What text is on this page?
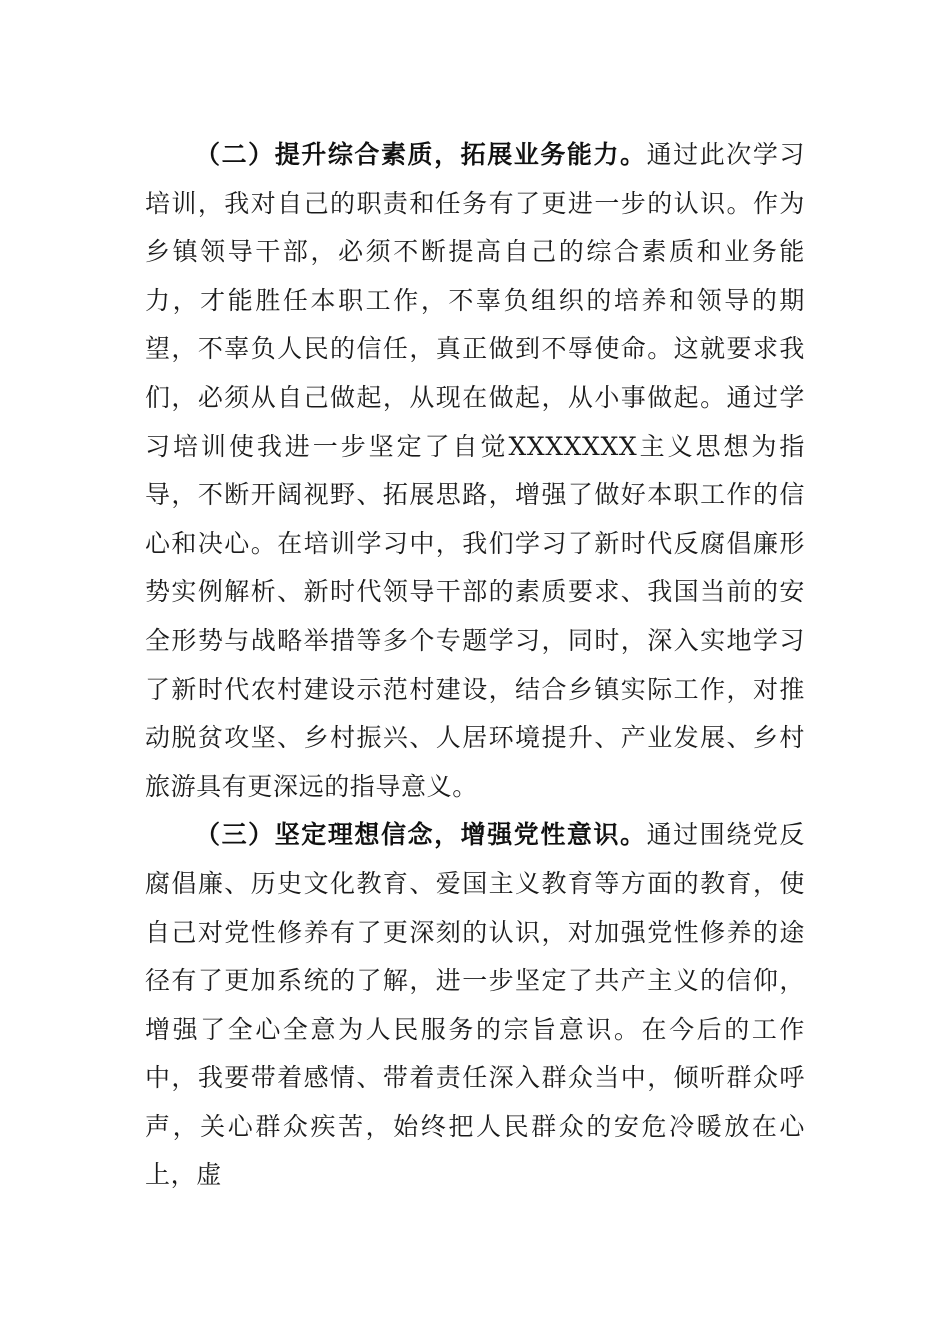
（二）提升综合素质，拓展业务能力。通过此次学习培训，我对自己的职责和任务有了更进一步的认识。作为乡镇领导干部，必须不断提高自己的综合素质和业务能力，才能胜任本职工作，不辜负组织的培养和领导的期望，不辜负人民的信任，真正做到不辱使命。这就要求我们，必须从自己做起，从现在做起，从小事做起。通过学习培训使我进一步坚定了自觉XXXXXXX主义思想为指导，不断开阔视野、拓展思路，增强了做好本职工作的信心和决心。在培训学习中，我们学习了新时代反腐倡廉形势实例解析、新时代领导干部的素质要求、我国当前的安全形势与战略举措等多个专题学习，同时，深入实地学习了新时代农村建设示范村建设，结合乡镇实际工作，对推动脱贫攻坚、乡村振兴、人居环境提升、产业发展、乡村旅游具有更深远的指导意义。

（三）坚定理想信念，增强党性意识。通过围绕党反腐倡廉、历史文化教育、爱国主义教育等方面的教育，使自己对党性修养有了更深刻的认识，对加强党性修养的途径有了更加系统的了解，进一步坚定了共产主义的信仰，增强了全心全意为人民服务的宗旨意识。在今后的工作中，我要带着感情、带着责任深入群众当中，倾听群众呼声，关心群众疾苦，始终把人民群众的安危冷暖放在心上，虚
